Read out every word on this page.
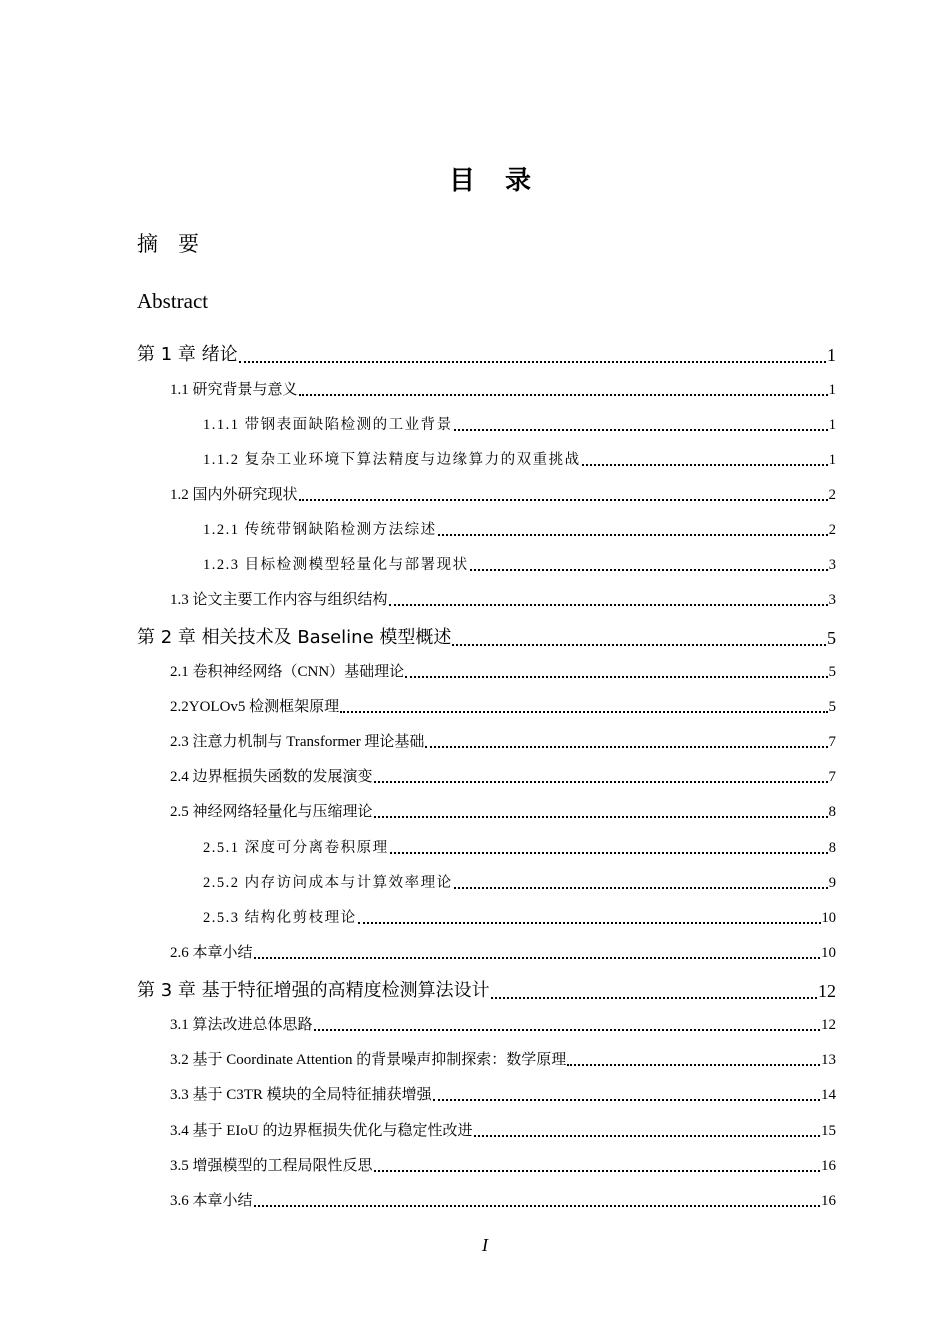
目录
摘要
Abstract
第 1 章 绪论	1
1.1 研究背景与意义	1
1.1.1 带钢表面缺陷检测的工业背景	1
1.1.2 复杂工业环境下算法精度与边缘算力的双重挑战	1
1.2 国内外研究现状	2
1.2.1 传统带钢缺陷检测方法综述	2
1.2.3 目标检测模型轻量化与部署现状	3
1.3 论文主要工作内容与组织结构	3
第 2 章 相关技术及 Baseline 模型概述	5
2.1 卷积神经网络（CNN）基础理论	5
2.2YOLOv5 检测框架原理	5
2.3 注意力机制与 Transformer 理论基础	7
2.4 边界框损失函数的发展演变	7
2.5 神经网络轻量化与压缩理论	8
2.5.1 深度可分离卷积原理	8
2.5.2 内存访问成本与计算效率理论	9
2.5.3 结构化剪枝理论	10
2.6 本章小结	10
第 3 章 基于特征增强的高精度检测算法设计	12
3.1 算法改进总体思路	12
3.2 基于 Coordinate Attention 的背景噪声抑制探索：数学原理	13
3.3 基于 C3TR 模块的全局特征捕获增强	14
3.4 基于 EIoU 的边界框损失优化与稳定性改进	15
3.5 增强模型的工程局限性反思	16
3.6 本章小结	16
I
